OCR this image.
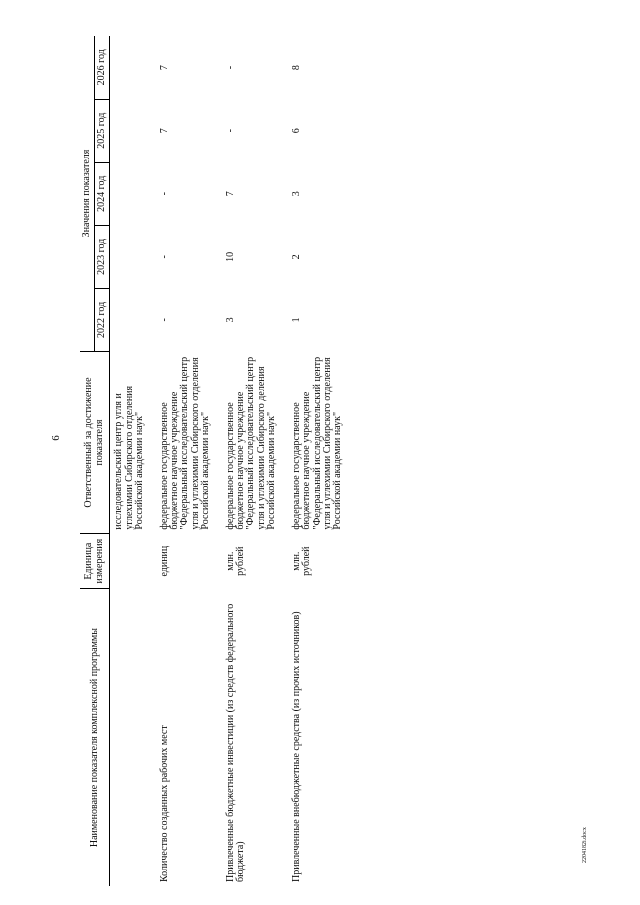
6
Наименование показателя комплексной программы	Единица измерения	Ответственный за достижение показателя	Значения показателя				
			2022 год	2023 год	2024 год	2025 год	2026 год
		исследовательский центр угля и углехимии Сибирского отделения Российской академии наук"					
Количество созданных рабочих мест	единиц	федеральное государственное бюджетное научное учреждение "Федеральный исследовательский центр угля и углехимии Сибирского отделения Российской академии наук"	-	-	-	7	7
Привлеченные бюджетные инвестиции (из средств федерального бюджета)	млн. рублей	федеральное государственное бюджетное научное учреждение "Федеральный исследовательский центр угля и углехимии Сибирского деления Российской академии наук"	3	10	7	-	-
Привлеченные внебюджетные средства (из прочих источников)	млн. рублей	федеральное государственное бюджетное научное учреждение "Федеральный исследовательский центр угля и углехимии Сибирского отделения Российской академии наук"	1	2	3	6	8
2204182i.docx
